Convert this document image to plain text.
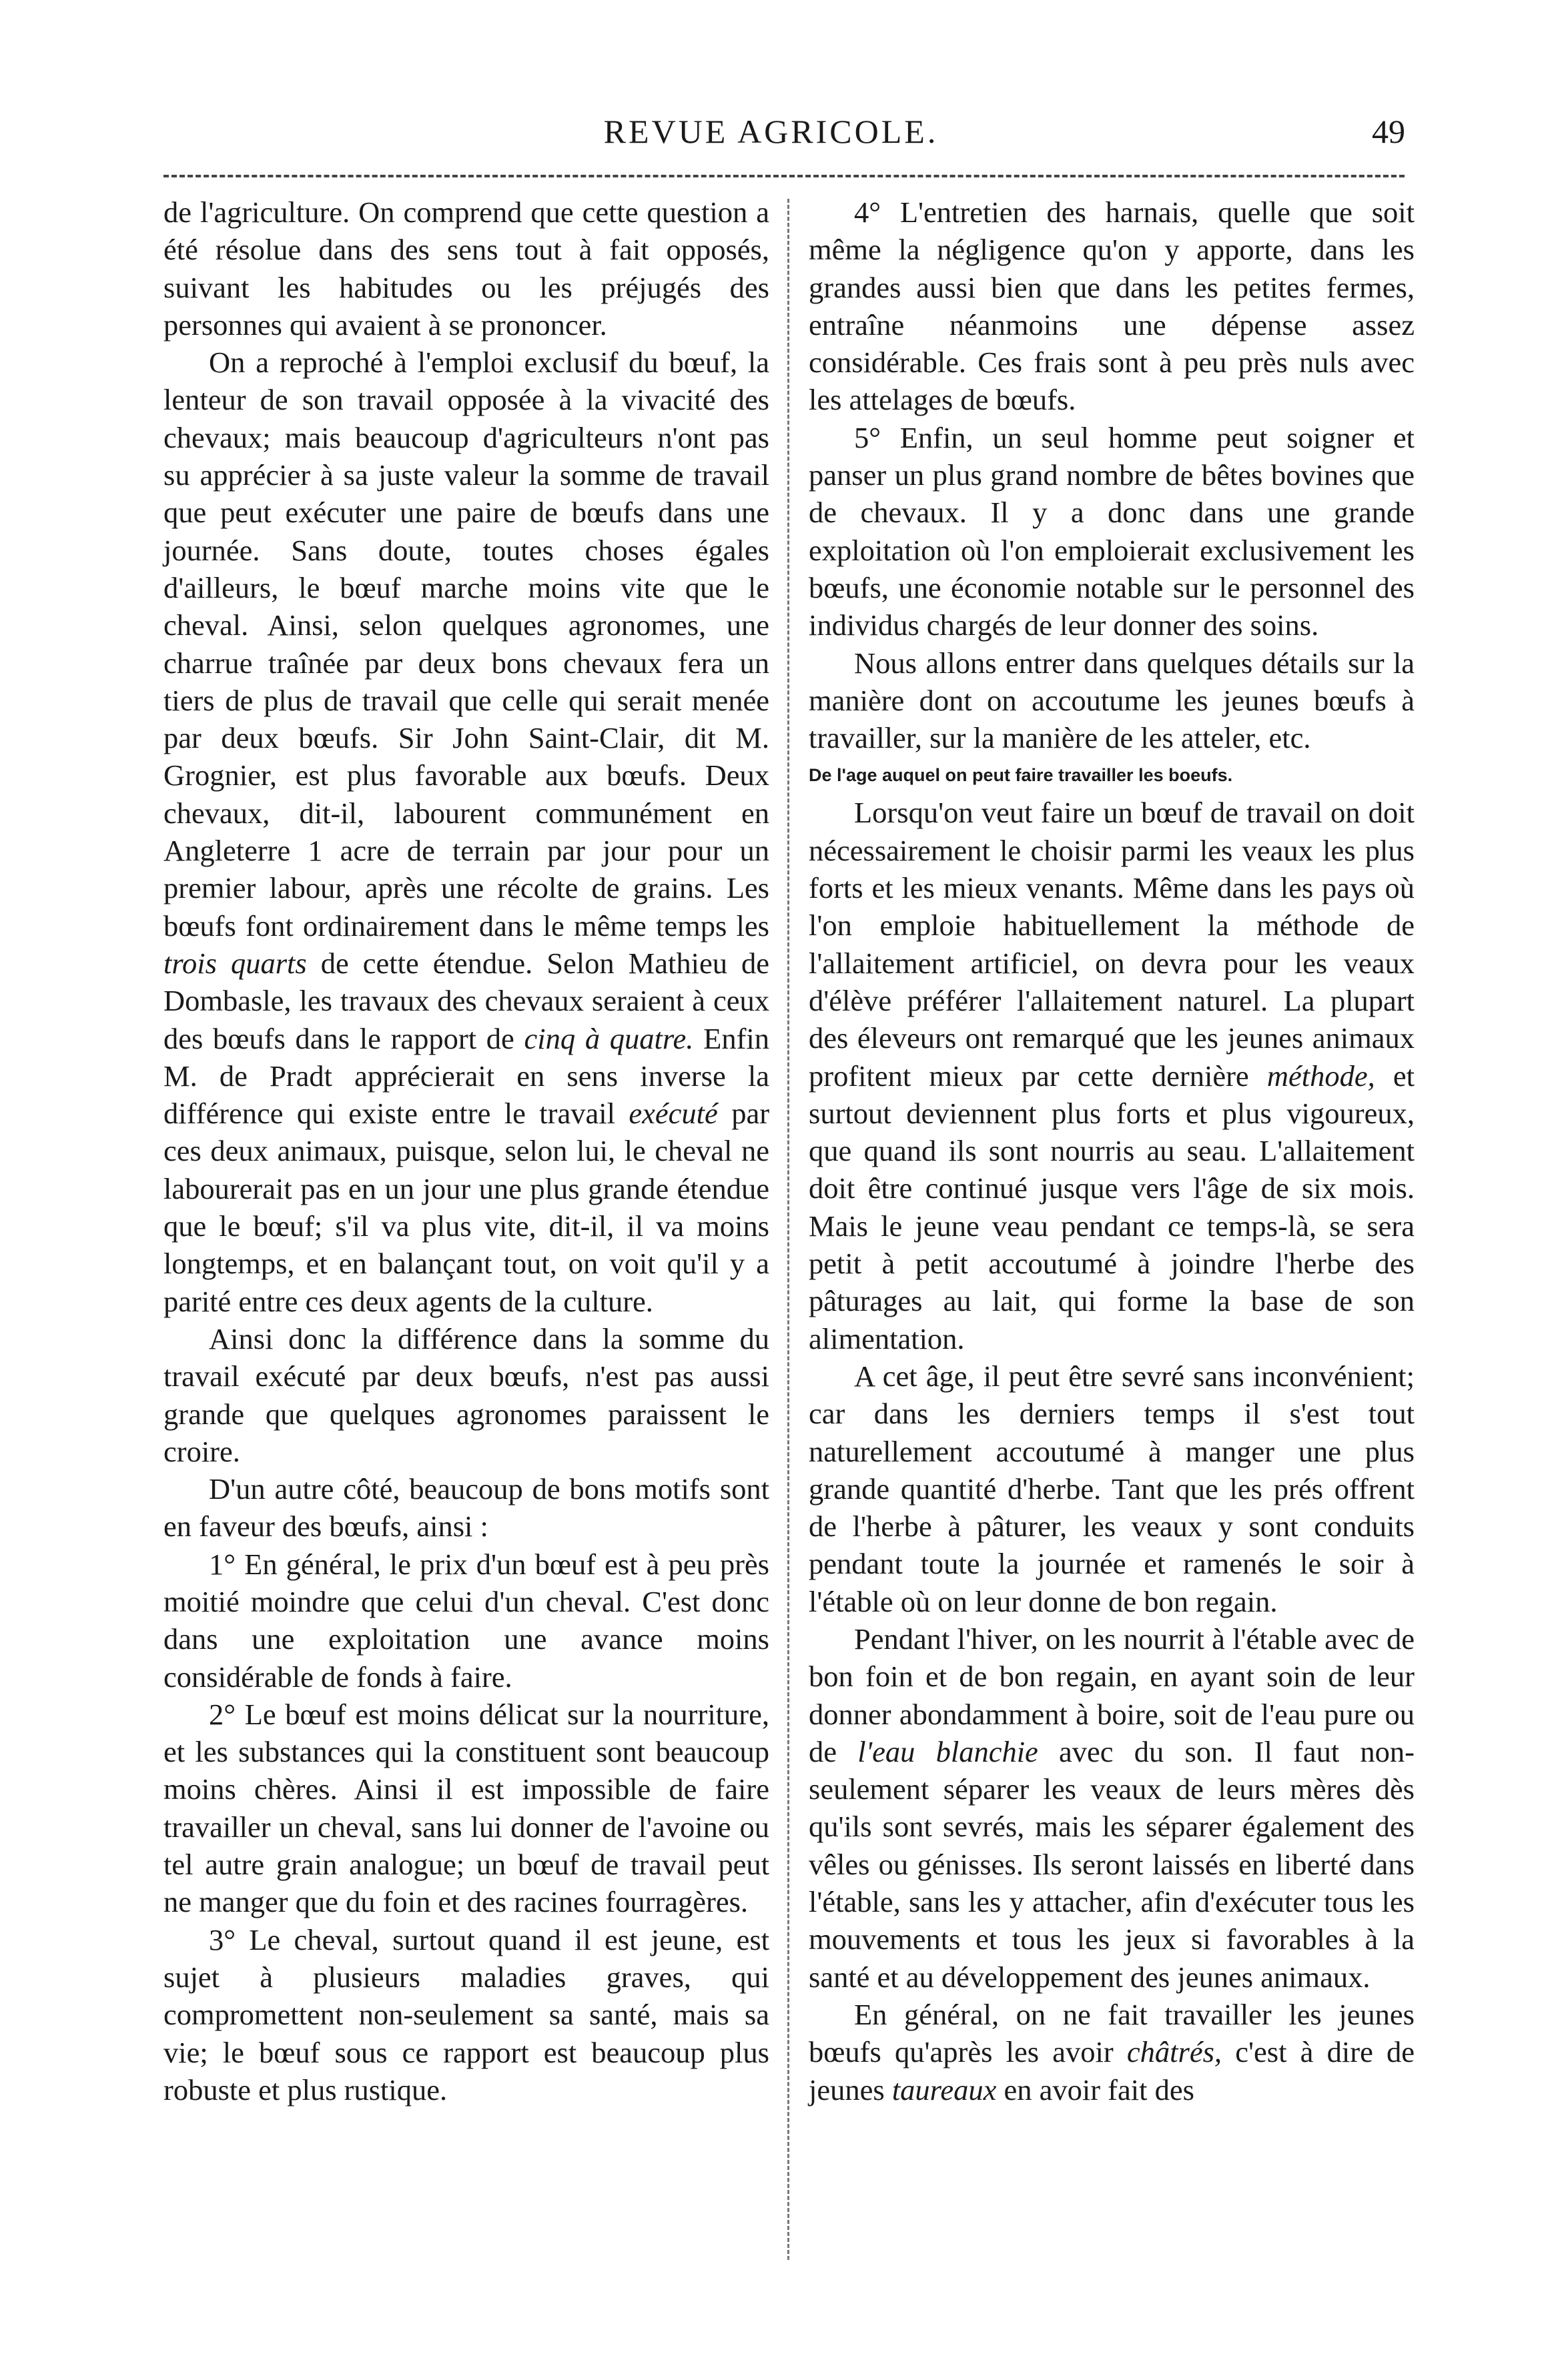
REVUE AGRICOLE.	49

de l'agriculture. On comprend que cette question a été résolue dans des sens tout à fait opposés, suivant les habitudes ou les préjugés des personnes qui avaient à se prononcer.

On a reproché à l'emploi exclusif du bœuf, la lenteur de son travail opposée à la vivacité des chevaux; mais beaucoup d'agriculteurs n'ont pas su apprécier à sa juste valeur la somme de travail que peut exécuter une paire de bœufs dans une journée. Sans doute, toutes choses égales d'ailleurs, le bœuf marche moins vite que le cheval. Ainsi, selon quelques agronomes, une charrue traînée par deux bons chevaux fera un tiers de plus de travail que celle qui serait menée par deux bœufs. Sir John Saint-Clair, dit M. Grognier, est plus favorable aux bœufs. Deux chevaux, dit-il, labourent communément en Angleterre 1 acre de terrain par jour pour un premier labour, après une récolte de grains. Les bœufs font ordinairement dans le même temps les trois quarts de cette étendue. Selon Mathieu de Dombasle, les travaux des chevaux seraient à ceux des bœufs dans le rapport de cinq à quatre. Enfin M. de Pradt apprécierait en sens inverse la différence qui existe entre le travail exécuté par ces deux animaux, puisque, selon lui, le cheval ne labourerait pas en un jour une plus grande étendue que le bœuf; s'il va plus vite, dit-il, il va moins longtemps, et en balançant tout, on voit qu'il y a parité entre ces deux agents de la culture.

Ainsi donc la différence dans la somme du travail exécuté par deux bœufs, n'est pas aussi grande que quelques agronomes paraissent le croire.

D'un autre côté, beaucoup de bons motifs sont en faveur des bœufs, ainsi :

1° En général, le prix d'un bœuf est à peu près moitié moindre que celui d'un cheval. C'est donc dans une exploitation une avance moins considérable de fonds à faire.

2° Le bœuf est moins délicat sur la nourriture, et les substances qui la constituent sont beaucoup moins chères. Ainsi il est impossible de faire travailler un cheval, sans lui donner de l'avoine ou tel autre grain analogue; un bœuf de travail peut ne manger que du foin et des racines fourragères.

3° Le cheval, surtout quand il est jeune, est sujet à plusieurs maladies graves, qui compromettent non-seulement sa santé, mais sa vie; le bœuf sous ce rapport est beaucoup plus robuste et plus rustique.

4° L'entretien des harnais, quelle que soit même la négligence qu'on y apporte, dans les grandes aussi bien que dans les petites fermes, entraîne néanmoins une dépense assez considérable. Ces frais sont à peu près nuls avec les attelages de bœufs.

5° Enfin, un seul homme peut soigner et panser un plus grand nombre de bêtes bovines que de chevaux. Il y a donc dans une grande exploitation où l'on emploierait exclusivement les bœufs, une économie notable sur le personnel des individus chargés de leur donner des soins.

Nous allons entrer dans quelques détails sur la manière dont on accoutume les jeunes bœufs à travailler, sur la manière de les atteler, etc.

De l'age auquel on peut faire travailler les boeufs.

Lorsqu'on veut faire un bœuf de travail on doit nécessairement le choisir parmi les veaux les plus forts et les mieux venants. Même dans les pays où l'on emploie habituellement la méthode de l'allaitement artificiel, on devra pour les veaux d'élève préférer l'allaitement naturel. La plupart des éleveurs ont remarqué que les jeunes animaux profitent mieux par cette dernière méthode, et surtout deviennent plus forts et plus vigoureux, que quand ils sont nourris au seau. L'allaitement doit être continué jusque vers l'âge de six mois. Mais le jeune veau pendant ce temps-là, se sera petit à petit accoutumé à joindre l'herbe des pâturages au lait, qui forme la base de son alimentation.

A cet âge, il peut être sevré sans inconvénient; car dans les derniers temps il s'est tout naturellement accoutumé à manger une plus grande quantité d'herbe. Tant que les prés offrent de l'herbe à pâturer, les veaux y sont conduits pendant toute la journée et ramenés le soir à l'étable où on leur donne de bon regain.

Pendant l'hiver, on les nourrit à l'étable avec de bon foin et de bon regain, en ayant soin de leur donner abondamment à boire, soit de l'eau pure ou de l'eau blanchie avec du son. Il faut non-seulement séparer les veaux de leurs mères dès qu'ils sont sevrés, mais les séparer également des vêles ou génisses. Ils seront laissés en liberté dans l'étable, sans les y attacher, afin d'exécuter tous les mouvements et tous les jeux si favorables à la santé et au développement des jeunes animaux.

En général, on ne fait travailler les jeunes bœufs qu'après les avoir châtrés, c'est à dire de jeunes taureaux en avoir fait des
